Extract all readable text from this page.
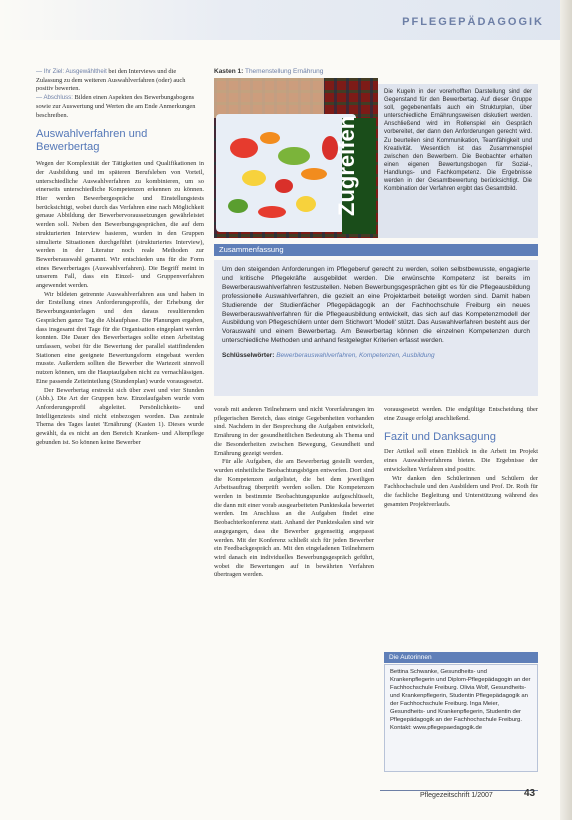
PFLEGEPÄDAGOGIK

— Ihr Ziel: Ausgewähltheit bei den Interviews und die Zulassung zu dem weiteren Auswahlverfahren (oder) auch positiv bewerten.

— Abschluss: Bilden einen Aspekten des Bewerbungsbogens sowie zur Auswertung und Werten die am Ende Anmerkungen beschreiben.

Auswahlverfahren und Bewerbertag

Wegen der Komplexität der Tätigkeiten und Qualifikationen in der Ausbildung und im späteren Berufsleben von Vorteil, unterschiedliche Auswahlverfahren zu kombinieren, um so einerseits unterschiedliche Kompetenzen erkennen zu können. Hier werden Bewerbergespräche und Einstellungstests berücksichtigt, wobei durch das Verfahren eine nach Möglichkeit genaue Abbildung der Bewerbervoraussetzungen gewährleistet werden soll. Neben den Bewerbungsgesprächen, die auf dem strukturierten Interview basieren, wurden in den Gruppen simulierte Situationen durchgeführt (strukturiertes Interview), werden in der Literatur noch reale Methoden zur Bewerberauswahl genannt. Wir entschieden uns für die Form eines Bewerbertages (Auswahlverfahren). Die Begriff meint in unserem Fall, dass ein Einzel- und Gruppenverfahren angewendet werden.

Wir bildeten getrennte Auswahlverfahren aus und haben in der Erstellung eines Anforderungsprofils, der Erhebung der Bewerbungsunterlagen und den daraus resultierenden Gesprächen ganze Tag die Ablaufphase. Die Planungen ergaben, dass insgesamt drei Tage für die Organisation eingeplant werden konnten. Die Dauer des Bewerbertages sollte einen Arbeitstag umfassen, wobei für die Bewertung der parallel stattfindenden Stationen eine geeignete Bewertungsform eingebaut werden musste. Außerdem sollten die Bewerber die Wartezeit sinnvoll nutzen können, um die Hauptaufgaben nicht zu vernachlässigen. Eine passende Zeiteinteilung (Stundenplan) wurde vorausgesetzt.

Der Bewerbertag erstreckt sich über zwei und vier Stunden (Abb.). Die Art der Gruppen bzw. Einzelaufgaben wurde vom Anforderungsprofil abgeleitet. Persönlichkeits- und Intelligenztests sind nicht einbezogen worden. Das zentrale Thema des Tages lautet 'Ernährung' (Kasten 1). Dieses wurde gewählt, da es nicht an den Bereich Kranken- und Altenpflege gebunden ist. So können keine Bewerber

Kasten 1: Themenstellung Ernährung
Zugreifen

Die Kugeln in der vorerhofften Darstellung sind der Gegenstand für den Bewerbertag. Auf dieser Gruppe soll, gegebenenfalls auch ein Strukturplan, über unterschiedliche Ernährungsweisen diskutiert werden. Anschließend wird im Rollenspiel ein Gespräch vorbereitet, der dann den Anforderungen gerecht wird. Zu beurteilen sind Kommunikation, Teamfähigkeit und Kreativität. Wesentlich ist das Zusammenspiel zwischen den Bewerbern. Die Beobachter erhalten einen eigenen Bewertungsbogen für Sozial-, Handlungs- und Fachkompetenz. Die Ergebnisse werden in der Gesamtbewertung berücksichtigt. Die Kombination der Verfahren ergibt das Gesamtbild.

Zusammenfassung

Um den steigenden Anforderungen im Pflegeberuf gerecht zu werden, sollen selbstbewusste, engagierte und kritische Pflegekräfte ausgebildet werden. Die erwünschte Kompetenz ist bereits im Bewerberauswahlverfahren festzustellen. Neben Bewerbungsgesprächen gibt es für die Pflegeausbildung professionelle Auswahlverfahren, die gezielt an eine Projektarbeit beteiligt worden sind. Damit haben Studierende der Studienfächer Pflegepädagogik an der Fachhochschule Freiburg ein neues Bewerberauswahlverfahren für die Pflegeausbildung entwickelt, das sich auf das Kompetenzmodell der Ausbildung von Pflegeschülern unter dem Stichwort 'Modell' stützt. Das Auswahlverfahren besteht aus der Vorauswahl und einem Bewerbertag. Am Bewerbertag können die einzelnen Kompetenzen durch unterschiedliche Methoden und anhand festgelegter Kriterien erfasst werden.

Schlüsselwörter: Bewerberauswahlverfahren, Kompetenzen, Ausbildung

vorab mit anderen Teilnehmern und nicht Vorerfahrungen im pflegerischen Bereich, dass einige Gegebenheiten vorhanden sind. Nachdem in der Besprechung die Aufgaben entwickelt, Ernährung in der gesundheitlichen Bedeutung als Thema und die Besonderheiten zwischen Bewegung, Gesundheit und Ernährung gezeigt werden.

Für alle Aufgaben, die am Bewerbertag gestellt werden, wurden einheitliche Beobachtungsbögen entworfen. Dort sind die Kompetenzen aufgelistet, die bei dem jeweiligen Arbeitsauftrag überprüft werden sollen. Die Kompetenzen werden in bestimmte Beobachtungspunkte aufgeschlüsselt, die dann mit einer vorab ausgearbeiteten Punkteskala bewertet werden. Im Anschluss an die Aufgaben findet eine Beobachterkonferenz statt. Anhand der Punkteskalen sind wir ausgegangen, dass die Bewerber gegenseitig angepasst werden. Mit der Konferenz schließt sich für jeden Bewerber ein Feedbackgespräch an. Mit den eingeladenen Teilnehmern wird danach ein individuelles Bewerbungsgespräch geführt, wobei die Bewertungen auf in bewährten Verfahren übertragen werden.

vorausgesetzt werden. Die endgültige Entscheidung über eine Zusage erfolgt anschließend.

Fazit und Danksagung

Der Artikel soll einen Einblick in die Arbeit im Projekt eines Auswahlverfahrens bieten. Die Ergebnisse der entwickelten Verfahren sind positiv.

Wir danken den Schülerinnen und Schülern der Fachhochschule und den Ausbildern und Prof. Dr. Roth für die fachliche Begleitung und Unterstützung während des gesamten Projektverlaufs.

Die Autorinnen

Bettina Schwanke, Gesundheits- und Krankenpflegerin und Diplom-Pflegepädagogin an der Fachhochschule Freiburg. Olivia Wolf, Gesundheits- und Krankenpflegerin, Studentin Pflegepädagogik an der Fachhochschule Freiburg. Inga Meier, Gesundheits- und Krankenpflegerin, Studentin der Pflegepädagogik an der Fachhochschule Freiburg. Kontakt: www.pflegepaedagogik.de

Pflegezeitschrift 1/2007	43
